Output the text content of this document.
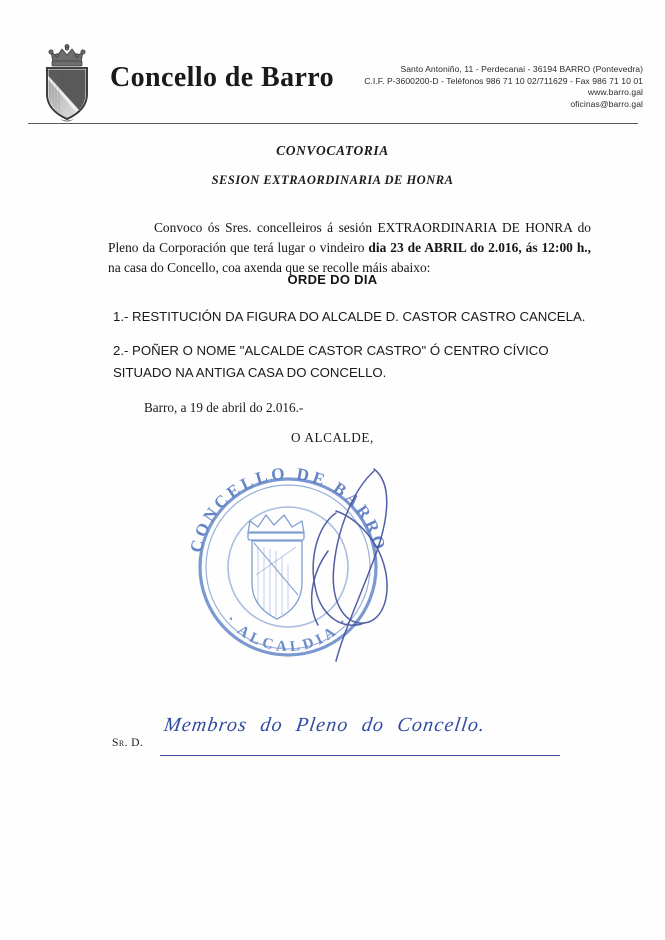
Concello de Barro	Santo Antoniño, 11 - Perdecanai - 36194 BARRO (Pontevedra)
C.I.F. P-3600200-D - Teléfonos 986 71 10 02/711629 - Fax 986 71 10 01
www.barro.gal
oficinas@barro.gal
CONVOCATORIA
SESION EXTRAORDINARIA DE HONRA

Convoco ós Sres. concelleiros á sesión EXTRAORDINARIA DE HONRA do Pleno da Corporación que terá lugar o vindeiro dia 23 de ABRIL do 2.016, ás 12:00 h., na casa do Concello, coa axenda que se recolle máis abaixo:

ORDE DO DIA
1.- RESTITUCIÓN DA FIGURA DO ALCALDE D. CASTOR CASTRO CANCELA.
2.- POÑER O NOME "ALCALDE CASTOR CASTRO" Ó CENTRO CÍVICO
SITUADO NA ANTIGA CASA DO CONCELLO.
Barro, a 19 de abril do 2.016.-
O ALCALDE,
CONCELLO DE BARRO
· ALCALDIA ·
Sr. D.
Membros do Pleno do Concello.
